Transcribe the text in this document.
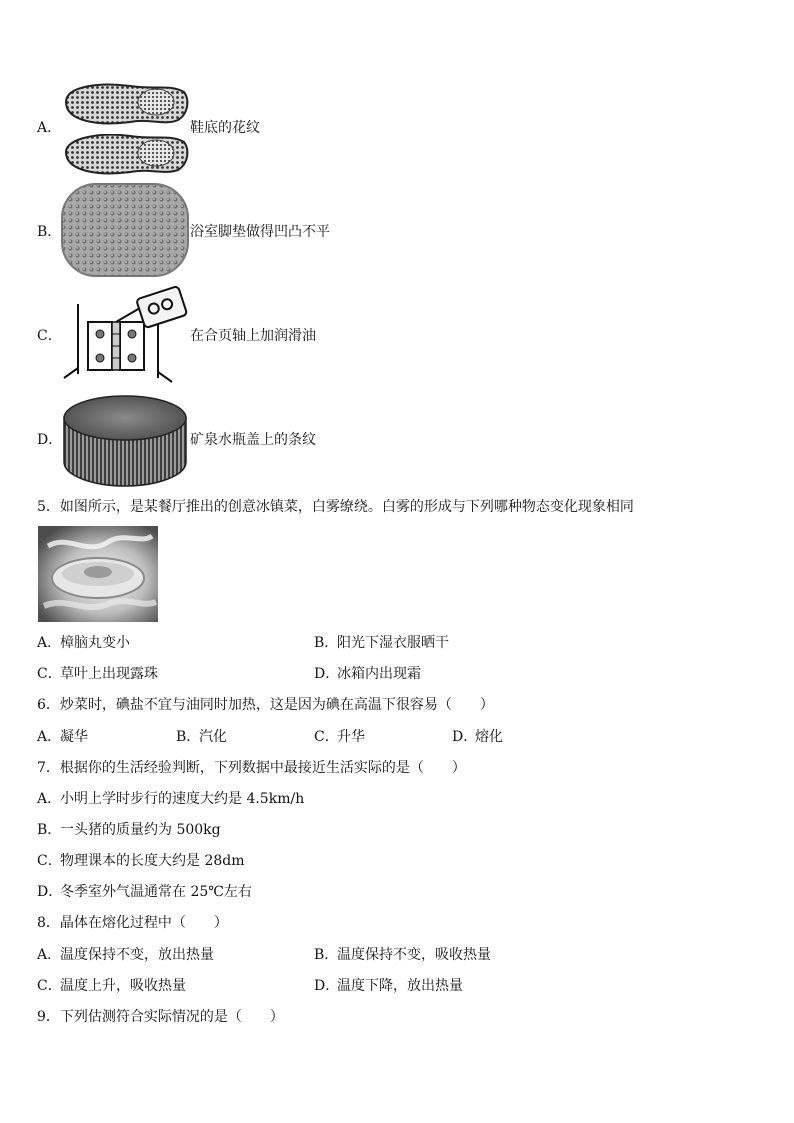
A．	鞋底的花纹
B．	浴室脚垫做得凹凸不平
C．	在合页轴上加润滑油
D．	矿泉水瓶盖上的条纹
5．如图所示，是某餐厅推出的创意冰镇菜，白雾缭绕。白雾的形成与下列哪种物态变化现象相同
A．
樟脑丸变小	B．
阳光下湿衣服晒干
C．
草叶上出现露珠	D．
冰箱内出现霜
6．炒菜时，碘盐不宜与油同时加热，这是因为碘在高温下很容易（　　）
A．
凝华	B．
汽化	C．
升华	D．
熔化
7．根据你的生活经验判断，下列数据中最接近生活实际的是（　　）
A．
小明上学时步行的速度大约是 4.5km/h
B．
一头猪的质量约为 500kg
C．
物理课本的长度大约是 28dm
D．
冬季室外气温通常在 25℃左右
8．晶体在熔化过程中（　　）
A．
温度保持不变，放出热量	B．
温度保持不变，吸收热量
C．
温度上升，吸收热量	D．
温度下降，放出热量
9．下列估测符合实际情况的是（　　）
